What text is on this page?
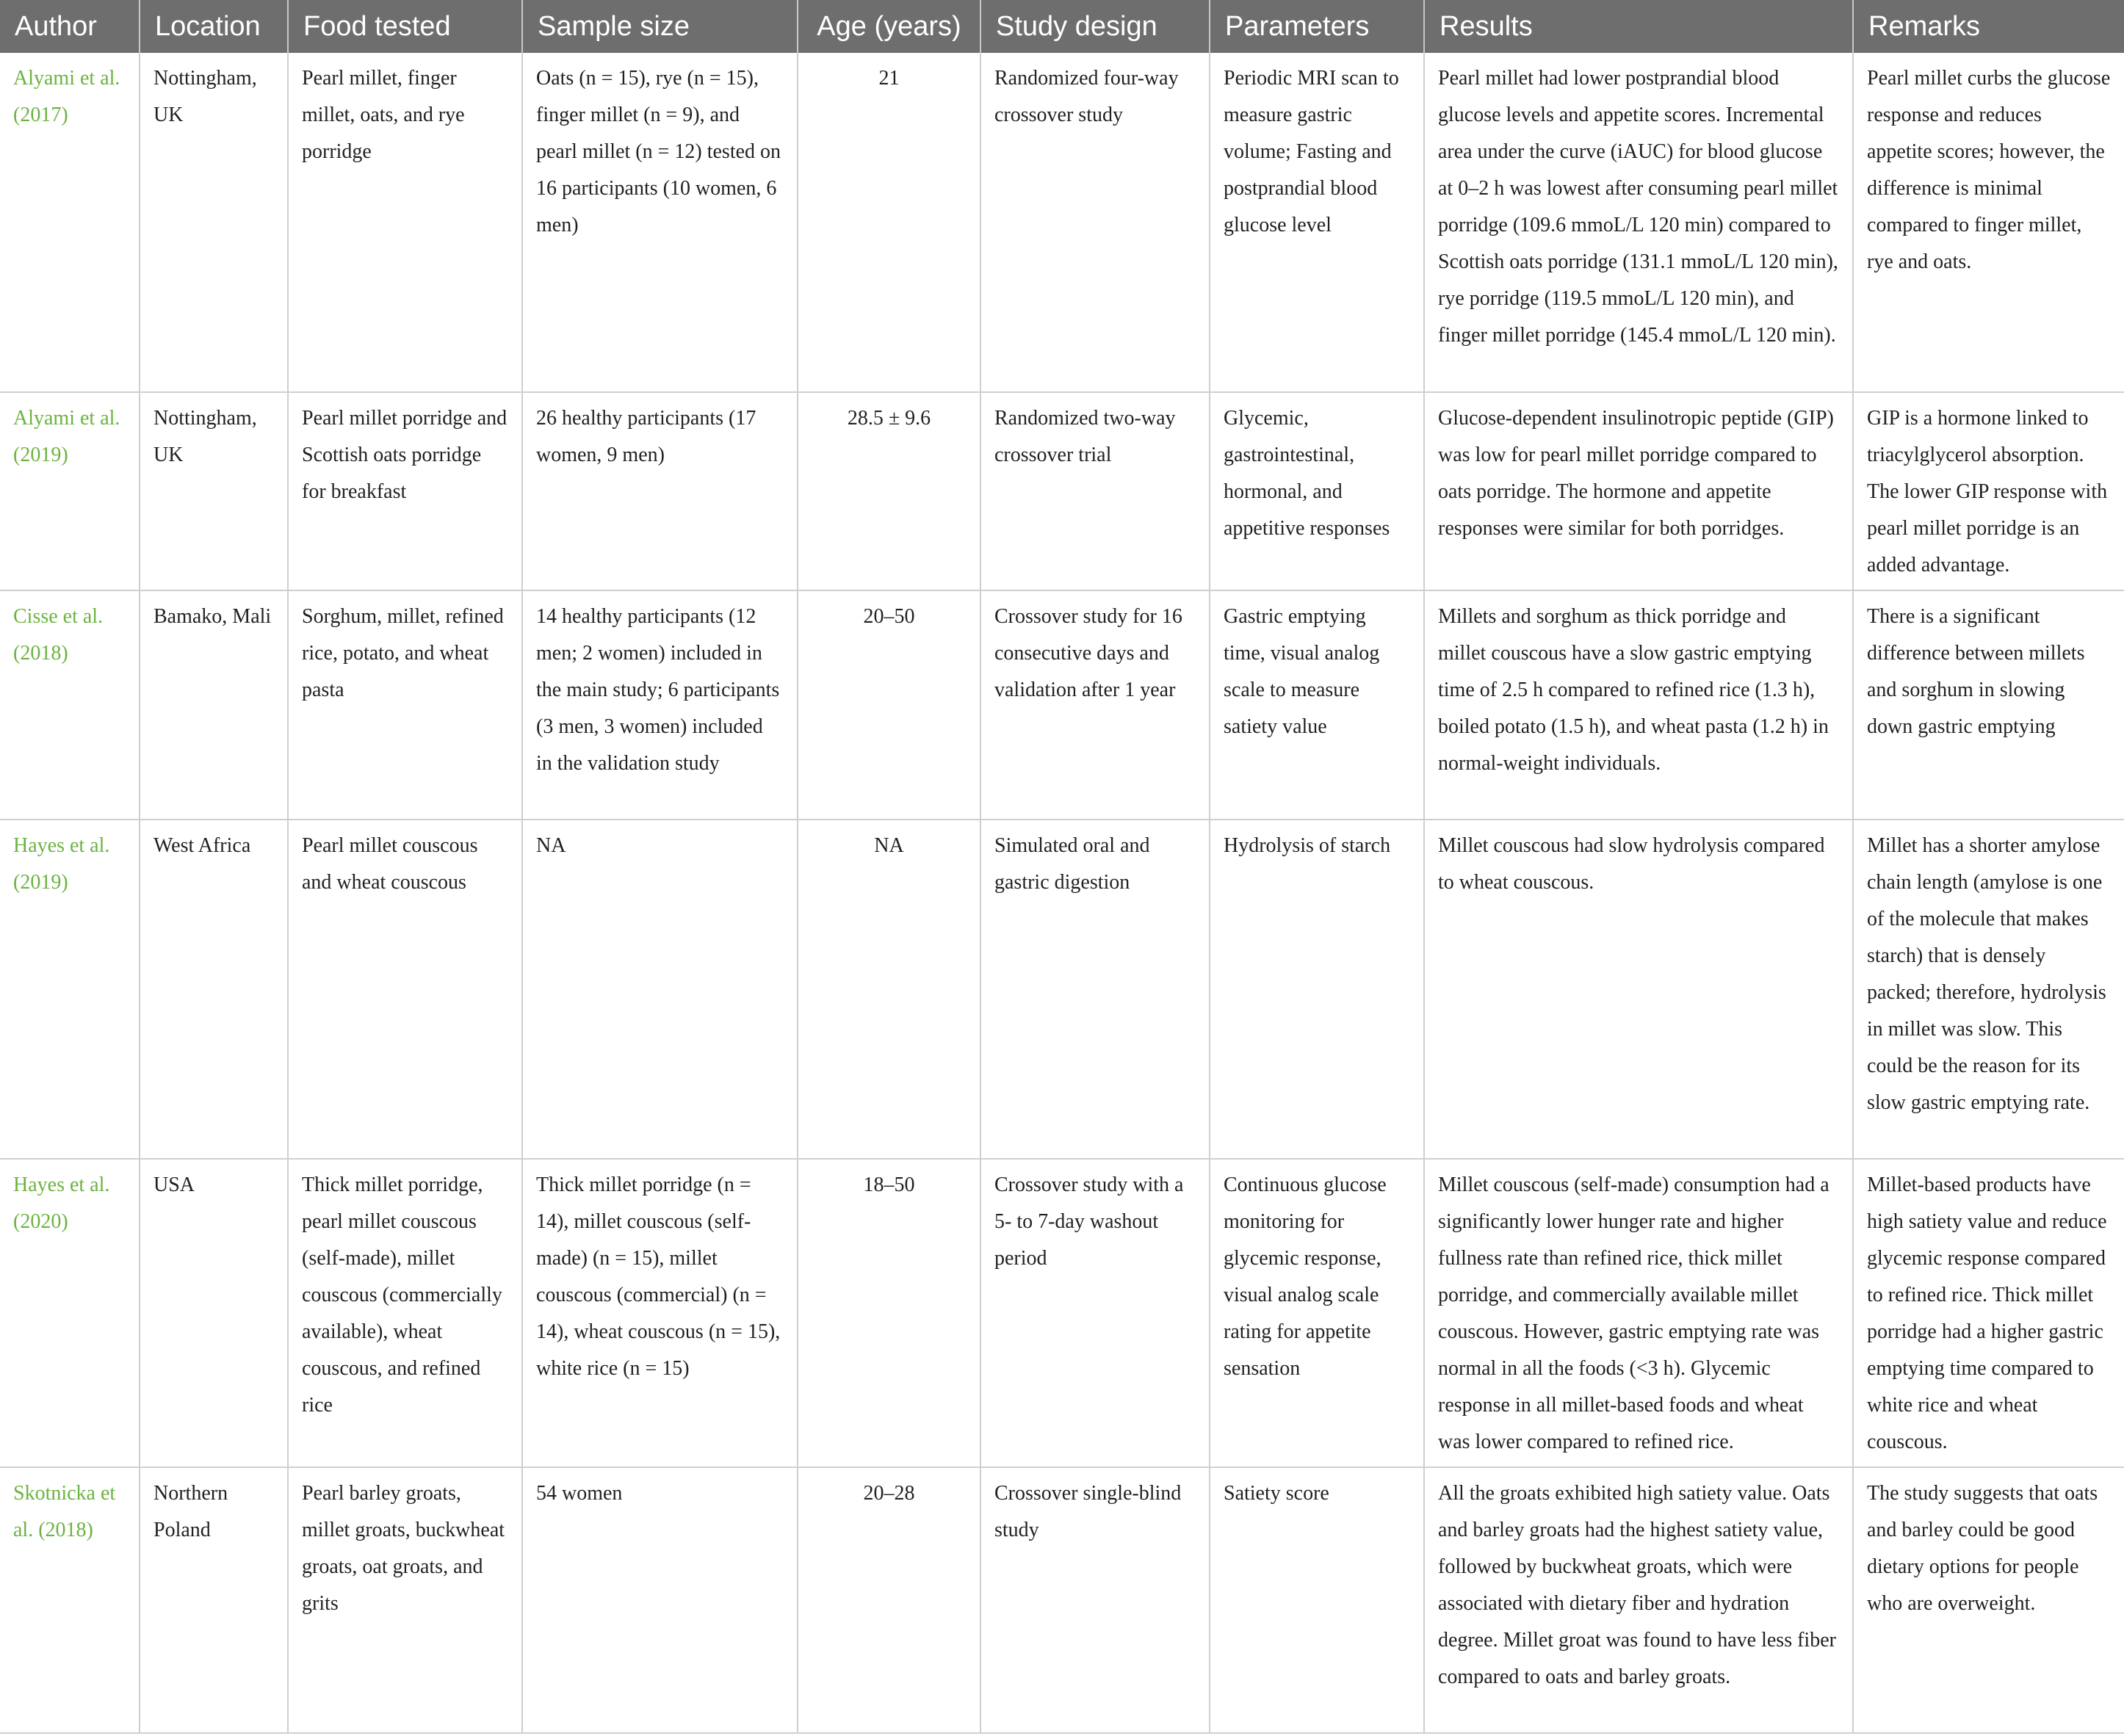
Author	Location	Food tested	Sample size	Age (years)	Study design	Parameters	Results	Remarks
Alyami et al. (2017)	Nottingham, UK	Pearl millet, finger millet, oats, and rye porridge	Oats (n = 15), rye (n = 15), finger millet (n = 9), and pearl millet (n = 12) tested on 16 participants (10 women, 6 men)	21	Randomized four-way crossover study	Periodic MRI scan to measure gastric volume; Fasting and postprandial blood glucose level	Pearl millet had lower postprandial blood glucose levels and appetite scores. Incremental area under the curve (iAUC) for blood glucose at 0–2 h was lowest after consuming pearl millet porridge (109.6 mmoL/L 120 min) compared to Scottish oats porridge (131.1 mmoL/L 120 min), rye porridge (119.5 mmoL/L 120 min), and finger millet porridge (145.4 mmoL/L 120 min).	Pearl millet curbs the glucose response and reduces appetite scores; however, the difference is minimal compared to finger millet, rye and oats.
Alyami et al. (2019)	Nottingham, UK	Pearl millet porridge and Scottish oats porridge for breakfast	26 healthy participants (17 women, 9 men)	28.5 ± 9.6	Randomized two-way crossover trial	Glycemic, gastrointestinal, hormonal, and appetitive responses	Glucose-dependent insulinotropic peptide (GIP) was low for pearl millet porridge compared to oats porridge. The hormone and appetite responses were similar for both porridges.	GIP is a hormone linked to triacylglycerol absorption. The lower GIP response with pearl millet porridge is an added advantage.
Cisse et al. (2018)	Bamako, Mali	Sorghum, millet, refined rice, potato, and wheat pasta	14 healthy participants (12 men; 2 women) included in the main study; 6 participants (3 men, 3 women) included in the validation study	20–50	Crossover study for 16 consecutive days and validation after 1 year	Gastric emptying time, visual analog scale to measure satiety value	Millets and sorghum as thick porridge and millet couscous have a slow gastric emptying time of 2.5 h compared to refined rice (1.3 h), boiled potato (1.5 h), and wheat pasta (1.2 h) in normal-weight individuals.	There is a significant difference between millets and sorghum in slowing down gastric emptying
Hayes et al. (2019)	West Africa	Pearl millet couscous and wheat couscous	NA	NA	Simulated oral and gastric digestion	Hydrolysis of starch	Millet couscous had slow hydrolysis compared to wheat couscous.	Millet has a shorter amylose chain length (amylose is one of the molecule that makes starch) that is densely packed; therefore, hydrolysis in millet was slow. This could be the reason for its slow gastric emptying rate.
Hayes et al. (2020)	USA	Thick millet porridge, pearl millet couscous (self-made), millet couscous (commercially available), wheat couscous, and refined rice	Thick millet porridge (n = 14), millet couscous (self-made) (n = 15), millet couscous (commercial) (n = 14), wheat couscous (n = 15), white rice (n = 15)	18–50	Crossover study with a 5- to 7-day washout period	Continuous glucose monitoring for glycemic response, visual analog scale rating for appetite sensation	Millet couscous (self-made) consumption had a significantly lower hunger rate and higher fullness rate than refined rice, thick millet porridge, and commercially available millet couscous. However, gastric emptying rate was normal in all the foods (<3 h). Glycemic response in all millet-based foods and wheat was lower compared to refined rice.	Millet-based products have high satiety value and reduce glycemic response compared to refined rice. Thick millet porridge had a higher gastric emptying time compared to white rice and wheat couscous.
Skotnicka et al. (2018)	Northern Poland	Pearl barley groats, millet groats, buckwheat groats, oat groats, and grits	54 women	20–28	Crossover single-blind study	Satiety score	All the groats exhibited high satiety value. Oats and barley groats had the highest satiety value, followed by buckwheat groats, which were associated with dietary fiber and hydration degree. Millet groat was found to have less fiber compared to oats and barley groats.	The study suggests that oats and barley could be good dietary options for people who are overweight.
